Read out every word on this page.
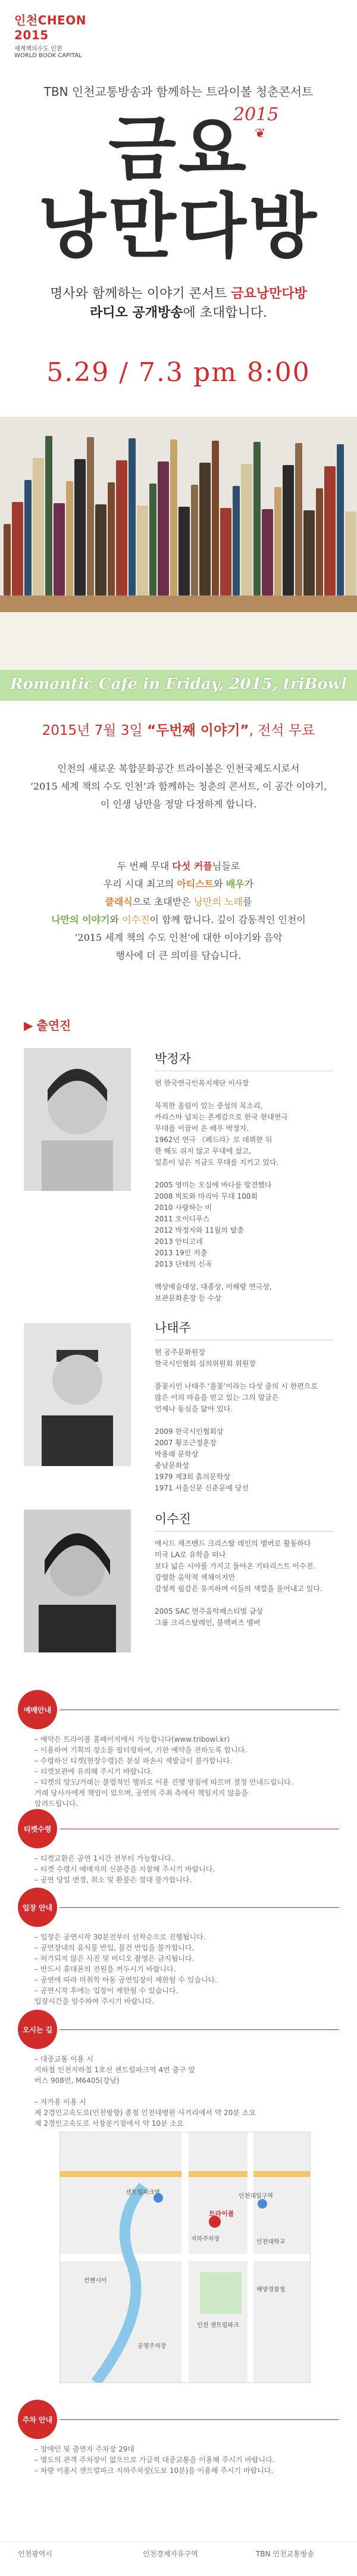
인천CHEON 2015
세계책의수도 인천
WORLD BOOK CAPITAL
TBN 인천교통방송과 함께하는 트라이볼 청춘콘서트
금요
낭만다방
2015
❦
명사와 함께하는 이야기 콘서트 금요낭만다방
라디오 공개방송에 초대합니다.
5.29 / 7.3 pm 8:00
Romantic Cafe in Friday, 2015, triBowl
2015년 7월 3일 “두번째 이야기”, 전석 무료
인천의 새로운 복합문화공간 트라이볼은 인천국제도시로서
‘2015 세계 책의 수도 인천’과 함께하는 청춘의 콘서트, 이 공간 이야기,
이 인생 낭만을 정말 다정하게 합니다.
두 번째 무대 다섯 커플님들로
우리 시대 최고의 아티스트와 배우가
클래식으로 초대받은 낭만의 노래를
나만의 이야기와 이수진이 함께 합니다. 깊이 감동적인 인천이
‘2015 세계 책의 수도 인천’에 대한 이야기와 음악
행사에 더 큰 의미를 담습니다.
▶ 출연진
박정자
현 한국연극인복지재단 이사장

묵직한 울림이 있는 중성의 목소리,
카리스마 넘치는 존재감으로 한국 현대연극
무대를 이끌어 온 배우 박정자.
1962년 연극 《페드라》로 데뷔한 뒤
한 해도 쉬지 않고 무대에 섰고,
일흔이 넘은 지금도 무대를 지키고 있다.

2005 영미는 오십에 바다를 발견했다
2008 빅토와 마리아 무대 100회
2010 사랑하는 비
2011 오이디푸스
2012 박정자와 11월의 탈춤
2013 안티고네
2013 19인 저출
2013 단테의 신곡

백상예술대상, 대종상, 이해랑 연극상,
보관문화훈장 등 수상
나태주
현 공주문화원장
한국시인협회 심의위원회 위원장

풀꽃시인 나태주 ‘풀꽃’이라는 다섯 줄의 시 한편으로
많은 이의 마음을 얻고 있는 그의 말글은
언제나 동심을 닮아 있다.

2009 한국시인협회상
2007 황조근정훈장
박용래 문학상
충남문화상
1979 제3회 흙의문학상
1971 서울신문 신춘문예 당선
이수진
애시드 재즈밴드 크리스탈 레인의 멤버로 활동하다
미국 LA로 유학을 떠나
보다 넓은 시야를 가지고 돌아온 기타리스트 이수진.
강렬한 음악적 색채이지만
감성적 필감은 유지하며 이들의 색깔을 물어내고 있다.

2005 SAC 연주음악페스티벌 금상
그룹 크리스탈레인, 블랙퍼즈 멤버
예매안내
– 예약은 트라이볼 홈페이지에서 가능합니다(www.tribowl.kr)
– 이용하여 기획의 장소를 필터링하여, 기한 예약을 전하도록 합니다.
– 수령하신 티켓(현장수령)은 분실 파손시 재발급이 불가합니다.
– 티켓보관에 유의해 주시기 바랍니다.
– 티켓의 양도/거래는 불법적인 행위로 이용 진행 방침에 따르며 결정 안내드립니다.
거래 당사자에게 책임이 있으며, 공연의 주최 측에서 책임지지 않음을
알려드립니다.
티켓수령
– 티켓교환은 공연 1시간 전부터 가능합니다.
– 티켓 수령시 예매자의 신분증을 지참해 주시기 바랍니다.
– 공연 당일 변경, 취소 및 환불은 절대 불가합니다.
입장 안내
– 입장은 공연시작 30분전부터 선착순으로 진행됩니다.
– 공연장내의 음식물 반입, 물건 반입을 불가합니다.
– 허가되지 않은 사진 및 비디오 촬영은 금지됩니다.
– 반드시 휴대폰의 전원을 꺼두시기 바랍니다.
– 공연에 따라 미취학 아동 공연입장이 제한될 수 있습니다.
– 공연시작 후에는 입장이 제한될 수 있습니다.
입장시간을 엄수하여 주시기 바랍니다.
오시는 길
– 대중교통 이용 시
지하철 인천지하철 1호선 센트럴파크역 4번 출구 앞
버스 908번, M6405(강남)

– 자가용 이용 시
제 2경인고속도로(인천방향) 종점 인천대병원 사거리에서 약 20분 소요
제 2경인고속도로 서창분기점에서 약 10분 소요
센트럴파크역
인천대입구역
트라이볼
인천 센트럴파크
컨벤시아
해양경찰청
인천대학교
지하주차장
공영주차장
주차 안내
– 장애인 및 출연자 주차장 29대
– 별도의 관객 주차장이 없으므로 가급적 대중교통을 이용해 주시기 바랍니다.
– 차량 이용시 센트럴파크 지하주차장(도보 10분)을 이용해 주시기 바랍니다.
인천광역시	인천경제자유구역	TBN 인천교통방송
